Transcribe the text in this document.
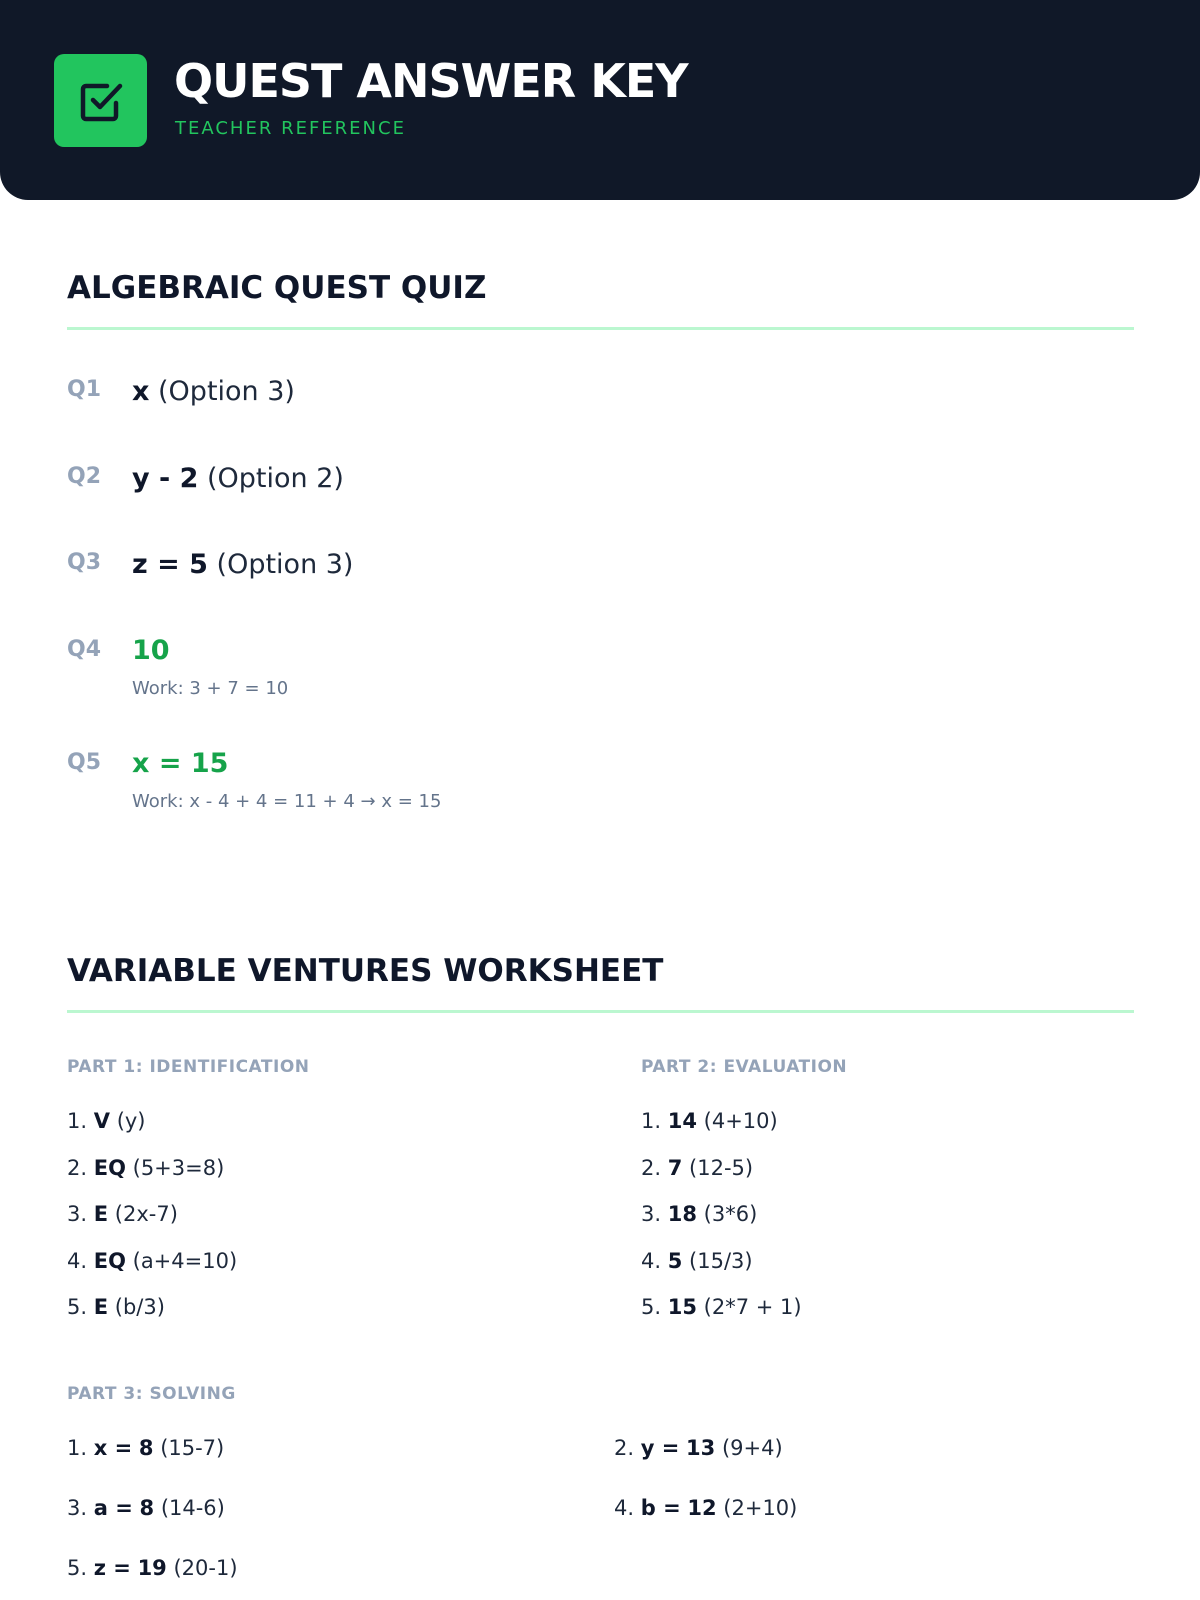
QUEST ANSWER KEY
TEACHER REFERENCE
ALGEBRAIC QUEST QUIZ
Q1 x (Option 3)
Q2 y - 2 (Option 2)
Q3 z = 5 (Option 3)
Q4 10
Work: 3 + 7 = 10
Q5 x = 15
Work: x - 4 + 4 = 11 + 4 → x = 15
VARIABLE VENTURES WORKSHEET
PART 1: IDENTIFICATION
1. V (y)
2. EQ (5+3=8)
3. E (2x-7)
4. EQ (a+4=10)
5. E (b/3)
PART 2: EVALUATION
1. 14 (4+10)
2. 7 (12-5)
3. 18 (3*6)
4. 5 (15/3)
5. 15 (2*7 + 1)
PART 3: SOLVING
1. x = 8 (15-7)	2. y = 13 (9+4)
3. a = 8 (14-6)	4. b = 12 (2+10)
5. z = 19 (20-1)
